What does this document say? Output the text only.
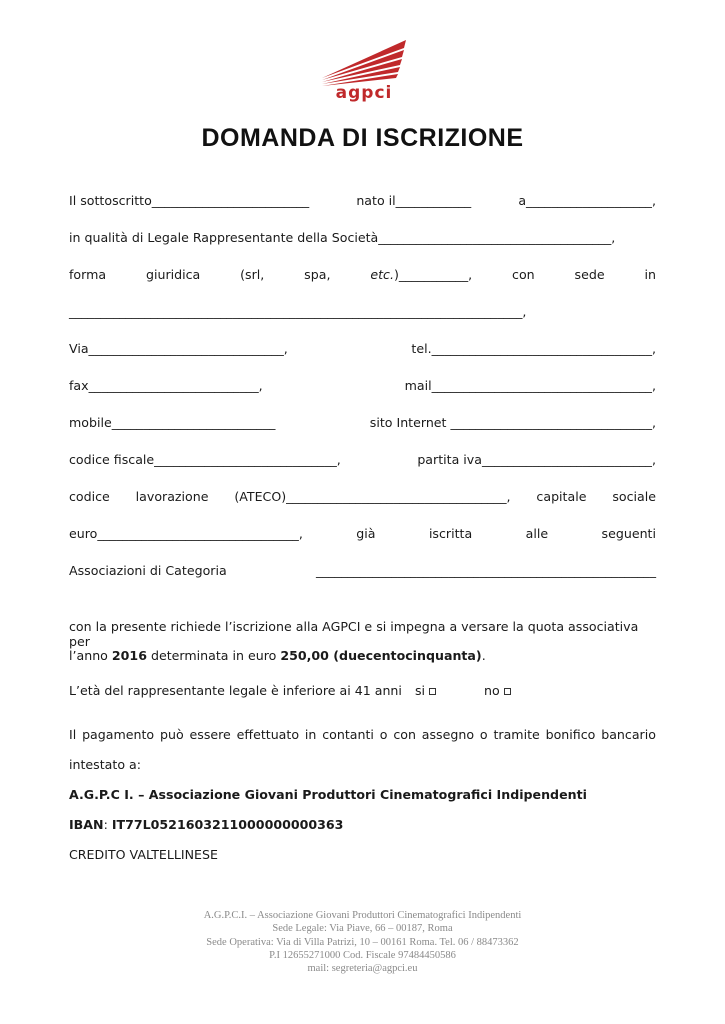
agpci
DOMANDA DI ISCRIZIONE
Il sottoscritto_________________________	nato il____________	a____________________,
in qualità di Legale Rappresentante della Società_____________________________________,
forma	giuridica	(srl,	spa,	etc.)___________,	con	sede	in
________________________________________________________________________,
Via_______________________________,	tel.___________________________________,
fax___________________________,	mail___________________________________,
mobile__________________________	sito Internet ________________________________,
codice fiscale_____________________________,	partita iva___________________________,
codice lavorazione (ATECO)___________________________________, capitale sociale
euro________________________________,	già	iscritta	alle	seguenti
Associazioni di Categoria	______________________________________________________
con la presente richiede l’iscrizione alla AGPCI e si impegna a versare la quota associativa per
l’anno 2016 determinata in euro 250,00 (duecentocinquanta).
L’età del rappresentante legale è inferiore ai 41 anni si	no
Il pagamento può essere effettuato in contanti o con assegno o tramite bonifico bancario
intestato a:
A.G.P.C I. – Associazione Giovani Produttori Cinematografici Indipendenti
IBAN: IT77L0521603211000000000363
CREDITO VALTELLINESE
A.G.P.C.I. – Associazione Giovani Produttori Cinematografici Indipendenti
Sede Legale: Via Piave, 66 – 00187, Roma
Sede Operativa: Via di Villa Patrizi, 10 – 00161 Roma. Tel. 06 / 88473362
P.I 12655271000 Cod. Fiscale 97484450586
mail: segreteria@agpci.eu
